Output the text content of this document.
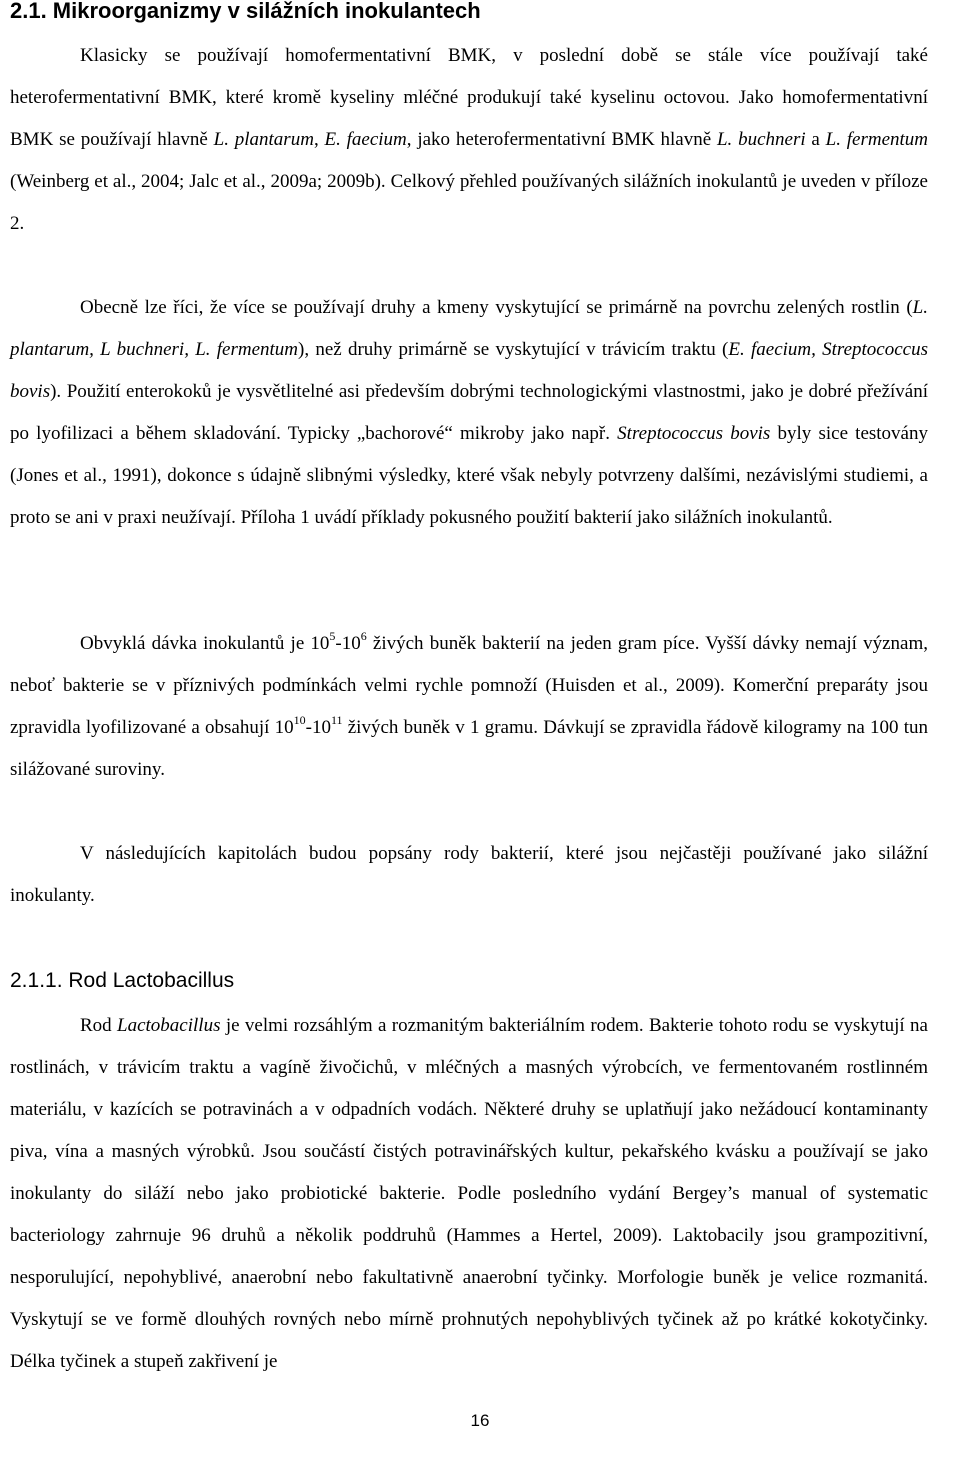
2.1. Mikroorganizmy v silážních inokulantech

Klasicky se používají homofermentativní BMK, v poslední době se stále více používají také heterofermentativní BMK, které kromě kyseliny mléčné produkují také kyselinu octovou. Jako homofermentativní BMK se používají hlavně L. plantarum, E. faecium, jako heterofermentativní BMK hlavně L. buchneri a L. fermentum (Weinberg et al., 2004; Jalc et al., 2009a; 2009b). Celkový přehled používaných silážních inokulantů je uveden v příloze 2.

Obecně lze říci, že více se používají druhy a kmeny vyskytující se primárně na povrchu zelených rostlin (L. plantarum, L buchneri, L. fermentum), než druhy primárně se vyskytující v trávicím traktu (E. faecium, Streptococcus bovis). Použití enterokoků je vysvětlitelné asi především dobrými technologickými vlastnostmi, jako je dobré přežívání po lyofilizaci a během skladování. Typicky „bachorové“ mikroby jako např. Streptococcus bovis byly sice testovány (Jones et al., 1991), dokonce s údajně slibnými výsledky, které však nebyly potvrzeny dalšími, nezávislými studiemi, a proto se ani v praxi neužívají. Příloha 1 uvádí příklady pokusného použití bakterií jako silážních inokulantů.

Obvyklá dávka inokulantů je $10^5-10^6$ živých buněk bakterií na jeden gram píce. Vyšší dávky nemají význam, neboť bakterie se v příznivých podmínkách velmi rychle pomnoží (Huisden et al., 2009). Komerční preparáty jsou zpravidla lyofilizované a obsahují $10^{10}-10^{11}$ živých buněk v 1 gramu. Dávkují se zpravidla řádově kilogramy na 100 tun silážované suroviny.

V následujících kapitolách budou popsány rody bakterií, které jsou nejčastěji používané jako silážní inokulanty.

2.1.1. Rod Lactobacillus

Rod Lactobacillus je velmi rozsáhlým a rozmanitým bakteriálním rodem. Bakterie tohoto rodu se vyskytují na rostlinách, v trávicím traktu a vagíně živočichů, v mléčných a masných výrobcích, ve fermentovaném rostlinném materiálu, v kazících se potravinách a v odpadních vodách. Některé druhy se uplatňují jako nežádoucí kontaminanty piva, vína a masných výrobků. Jsou součástí čistých potravinářských kultur, pekařského kvásku a používají se jako inokulanty do siláží nebo jako probiotické bakterie. Podle posledního vydání Bergey’s manual of systematic bacteriology zahrnuje 96 druhů a několik poddruhů (Hammes a Hertel, 2009). Laktobacily jsou grampozitivní, nesporulující, nepohyblivé, anaerobní nebo fakultativně anaerobní tyčinky. Morfologie buněk je velice rozmanitá. Vyskytují se ve formě dlouhých rovných nebo mírně prohnutých nepohyblivých tyčinek až po krátké kokotyčinky. Délka tyčinek a stupeň zakřivení je

16
